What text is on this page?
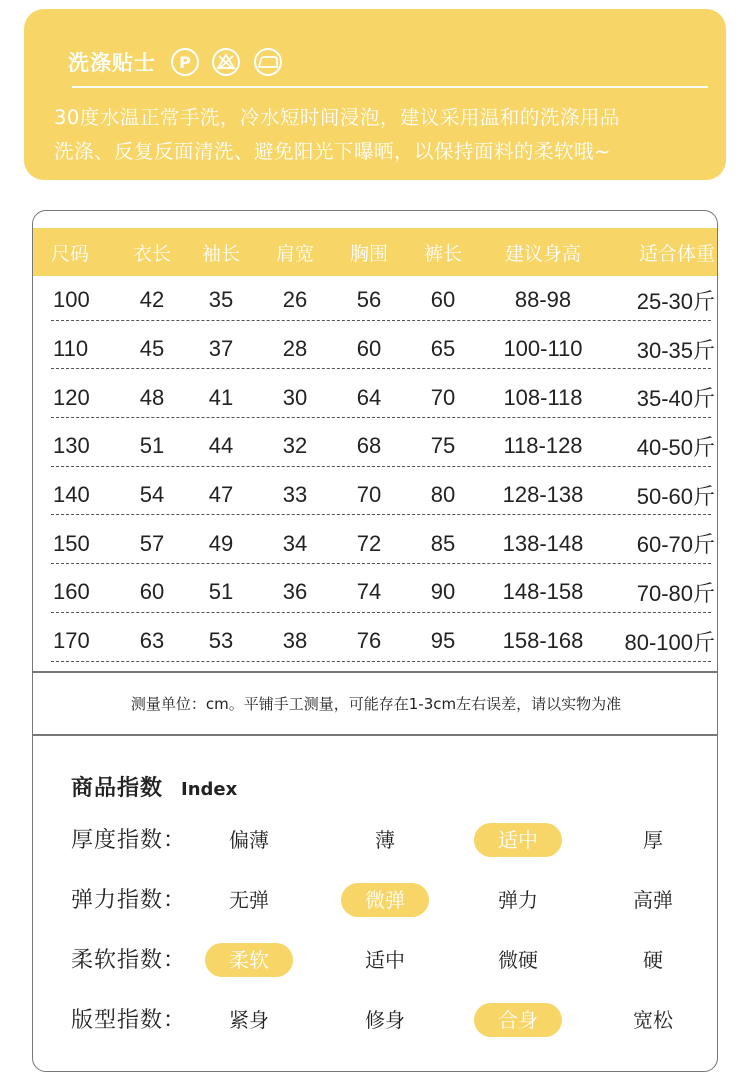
洗涤贴士 P
30度水温正常手洗，冷水短时间浸泡，建议采用温和的洗涤用品
洗涤、反复反面清洗、避免阳光下曝晒，以保持面料的柔软哦~
尺码	衣长	袖长	肩宽	胸围	裤长	建议身高	适合体重
100	42	35	26	56	60	88-98	25-30斤
110	45	37	28	60	65	100-110	30-35斤
120	48	41	30	64	70	108-118	35-40斤
130	51	44	32	68	75	118-128	40-50斤
140	54	47	33	70	80	128-138	50-60斤
150	57	49	34	72	85	138-148	60-70斤
160	60	51	36	74	90	148-158	70-80斤
170	63	53	38	76	95	158-168	80-100斤
测量单位：cm。平铺手工测量，可能存在1-3cm左右误差，请以实物为准
商品指数 Index
厚度指数：	偏薄	薄	适中	厚
弹力指数：	无弹	微弹	弹力	高弹
柔软指数：	柔软	适中	微硬	硬
版型指数：	紧身	修身	合身	宽松
